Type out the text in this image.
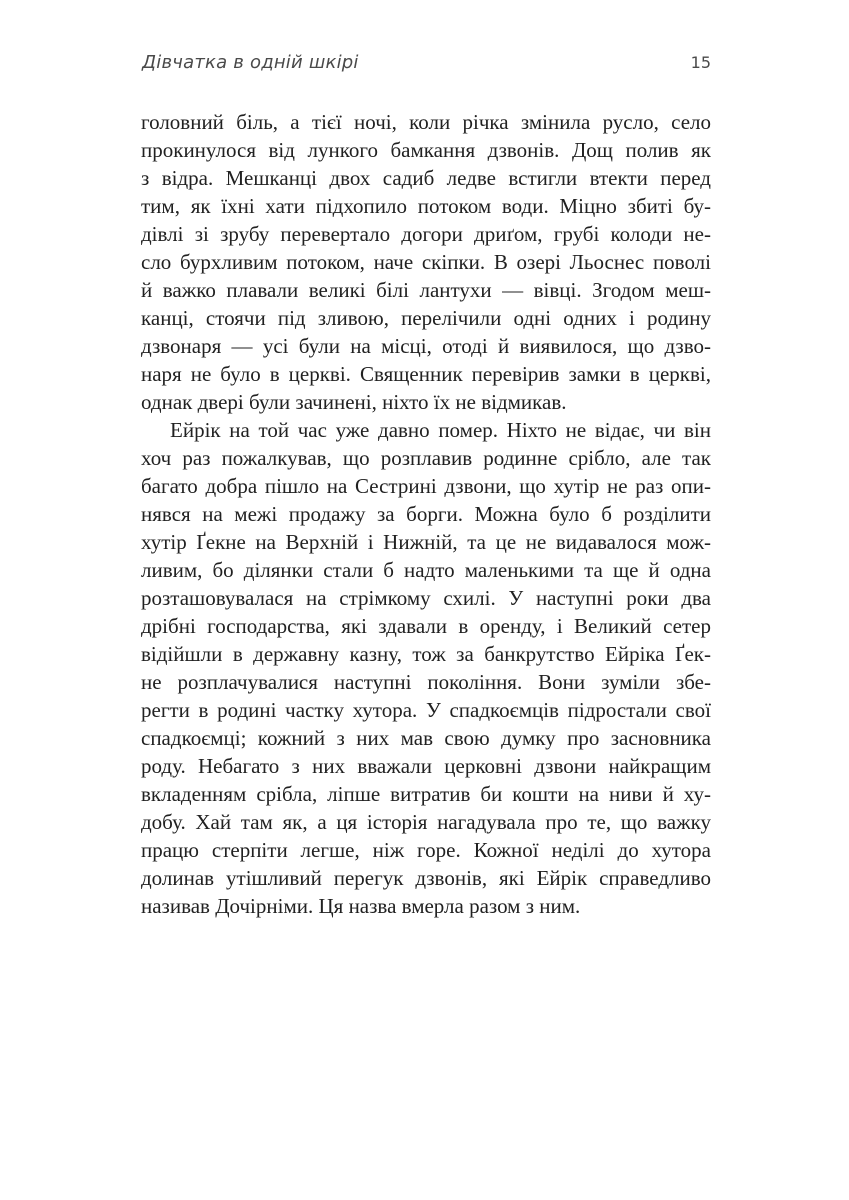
Дівчатка в одній шкірі	15
головний біль, а тієї ночі, коли річка змінила русло, село
прокинулося від лункого бамкання дзвонів. Дощ полив як
з відра. Мешканці двох садиб ледве встигли втекти перед
тим, як їхні хати підхопило потоком води. Міцно збиті бу-
дівлі зі зрубу перевертало догори дриґом, грубі колоди не-
сло бурхливим потоком, наче скіпки. В озері Льоснес поволі
й важко плавали великі білі лантухи — вівці. Згодом меш-
канці, стоячи під зливою, перелічили одні одних і родину
дзвонаря — усі були на місці, отоді й виявилося, що дзво-
наря не було в церкві. Священник перевірив замки в церкві,
однак двері були зачинені, ніхто їх не відмикав.
Ейрік на той час уже давно помер. Ніхто не відає, чи він
хоч раз пожалкував, що розплавив родинне срібло, але так
багато добра пішло на Сестрині дзвони, що хутір не раз опи-
нявся на межі продажу за борги. Можна було б розділити
хутір Ґекне на Верхній і Нижній, та це не видавалося мож-
ливим, бо ділянки стали б надто маленькими та ще й одна
розташовувалася на стрімкому схилі. У наступні роки два
дрібні господарства, які здавали в оренду, і Великий сетер
відійшли в державну казну, тож за банкрутство Ейріка Ґек-
не розплачувалися наступні покоління. Вони зуміли збе-
регти в родині частку хутора. У спадкоємців підростали свої
спадкоємці; кожний з них мав свою думку про засновника
роду. Небагато з них вважали церковні дзвони найкращим
вкладенням срібла, ліпше витратив би кошти на ниви й ху-
добу. Хай там як, а ця історія нагадувала про те, що важку
працю стерпіти легше, ніж горе. Кожної неділі до хутора
долинав утішливий перегук дзвонів, які Ейрік справедливо
називав Дочірніми. Ця назва вмерла разом з ним.
